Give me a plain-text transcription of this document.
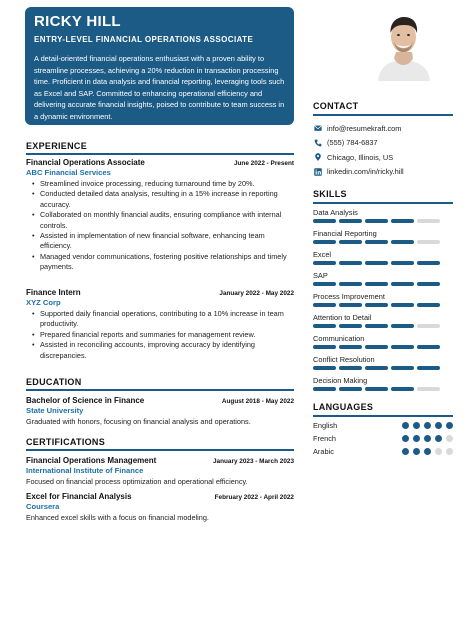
RICKY HILL
ENTRY-LEVEL FINANCIAL OPERATIONS ASSOCIATE
A detail-oriented financial operations enthusiast with a proven ability to streamline processes, achieving a 20% reduction in transaction processing time. Proficient in data analysis and financial reporting, leveraging tools such as Excel and SAP. Committed to enhancing operational efficiency and delivering accurate financial insights, poised to contribute to team success in a dynamic environment.
EXPERIENCE
Financial Operations Associate	June 2022 - Present
ABC Financial Services
• Streamlined invoice processing, reducing turnaround time by 20%.
• Conducted detailed data analysis, resulting in a 15% increase in reporting accuracy.
• Collaborated on monthly financial audits, ensuring compliance with internal controls.
• Assisted in implementation of new financial software, enhancing team efficiency.
• Managed vendor communications, fostering positive relationships and timely payments.
Finance Intern	January 2022 - May 2022
XYZ Corp
• Supported daily financial operations, contributing to a 10% increase in team productivity.
• Prepared financial reports and summaries for management review.
• Assisted in reconciling accounts, improving accuracy by identifying discrepancies.
EDUCATION
Bachelor of Science in Finance	August 2018 - May 2022
State University
Graduated with honors, focusing on financial analysis and operations.
CERTIFICATIONS
Financial Operations Management	January 2023 - March 2023
International Institute of Finance
Focused on financial process optimization and operational efficiency.
Excel for Financial Analysis	February 2022 - April 2022
Coursera
Enhanced excel skills with a focus on financial modeling.
CONTACT
info@resumekraft.com
(555) 784-6837
Chicago, Illinois, US
linkedin.com/in/ricky.hill
SKILLS
Data Analysis
Financial Reporting
Excel
SAP
Process Improvement
Attention to Detail
Communication
Conflict Resolution
Decision Making
LANGUAGES
English
French
Arabic
